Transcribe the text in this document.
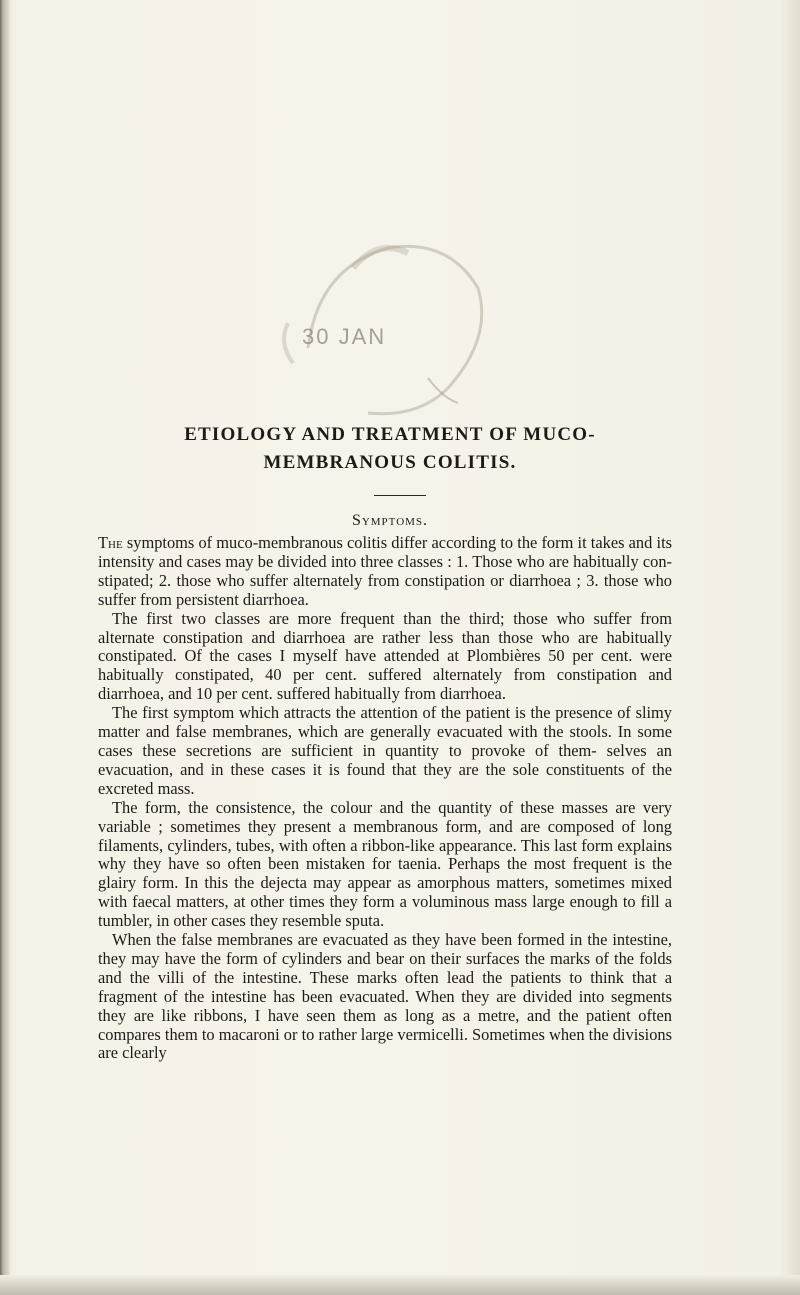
30 JAN
ETIOLOGY AND TREATMENT OF MUCO-
MEMBRANOUS COLITIS.
Symptoms.

The symptoms of muco-membranous colitis differ according to the form it takes and its intensity and cases may be divided into three classes : 1. Those who are habitually con- stipated; 2. those who suffer alternately from constipation or diarrhoea ; 3. those who suffer from persistent diarrhoea.

The first two classes are more frequent than the third; those who suffer from alternate constipation and diarrhoea are rather less than those who are habitually constipated. Of the cases I myself have attended at Plombières 50 per cent. were habitually constipated, 40 per cent. suffered alternately from constipation and diarrhoea, and 10 per cent. suffered habitually from diarrhoea.

The first symptom which attracts the attention of the patient is the presence of slimy matter and false membranes, which are generally evacuated with the stools. In some cases these secretions are sufficient in quantity to provoke of them- selves an evacuation, and in these cases it is found that they are the sole constituents of the excreted mass.

The form, the consistence, the colour and the quantity of these masses are very variable ; sometimes they present a membranous form, and are composed of long filaments, cylinders, tubes, with often a ribbon-like appearance. This last form explains why they have so often been mistaken for taenia. Perhaps the most frequent is the glairy form. In this the dejecta may appear as amorphous matters, sometimes mixed with faecal matters, at other times they form a voluminous mass large enough to fill a tumbler, in other cases they resemble sputa.

When the false membranes are evacuated as they have been formed in the intestine, they may have the form of cylinders and bear on their surfaces the marks of the folds and the villi of the intestine. These marks often lead the patients to think that a fragment of the intestine has been evacuated. When they are divided into segments they are like ribbons, I have seen them as long as a metre, and the patient often compares them to macaroni or to rather large vermicelli. Sometimes when the divisions are clearly
